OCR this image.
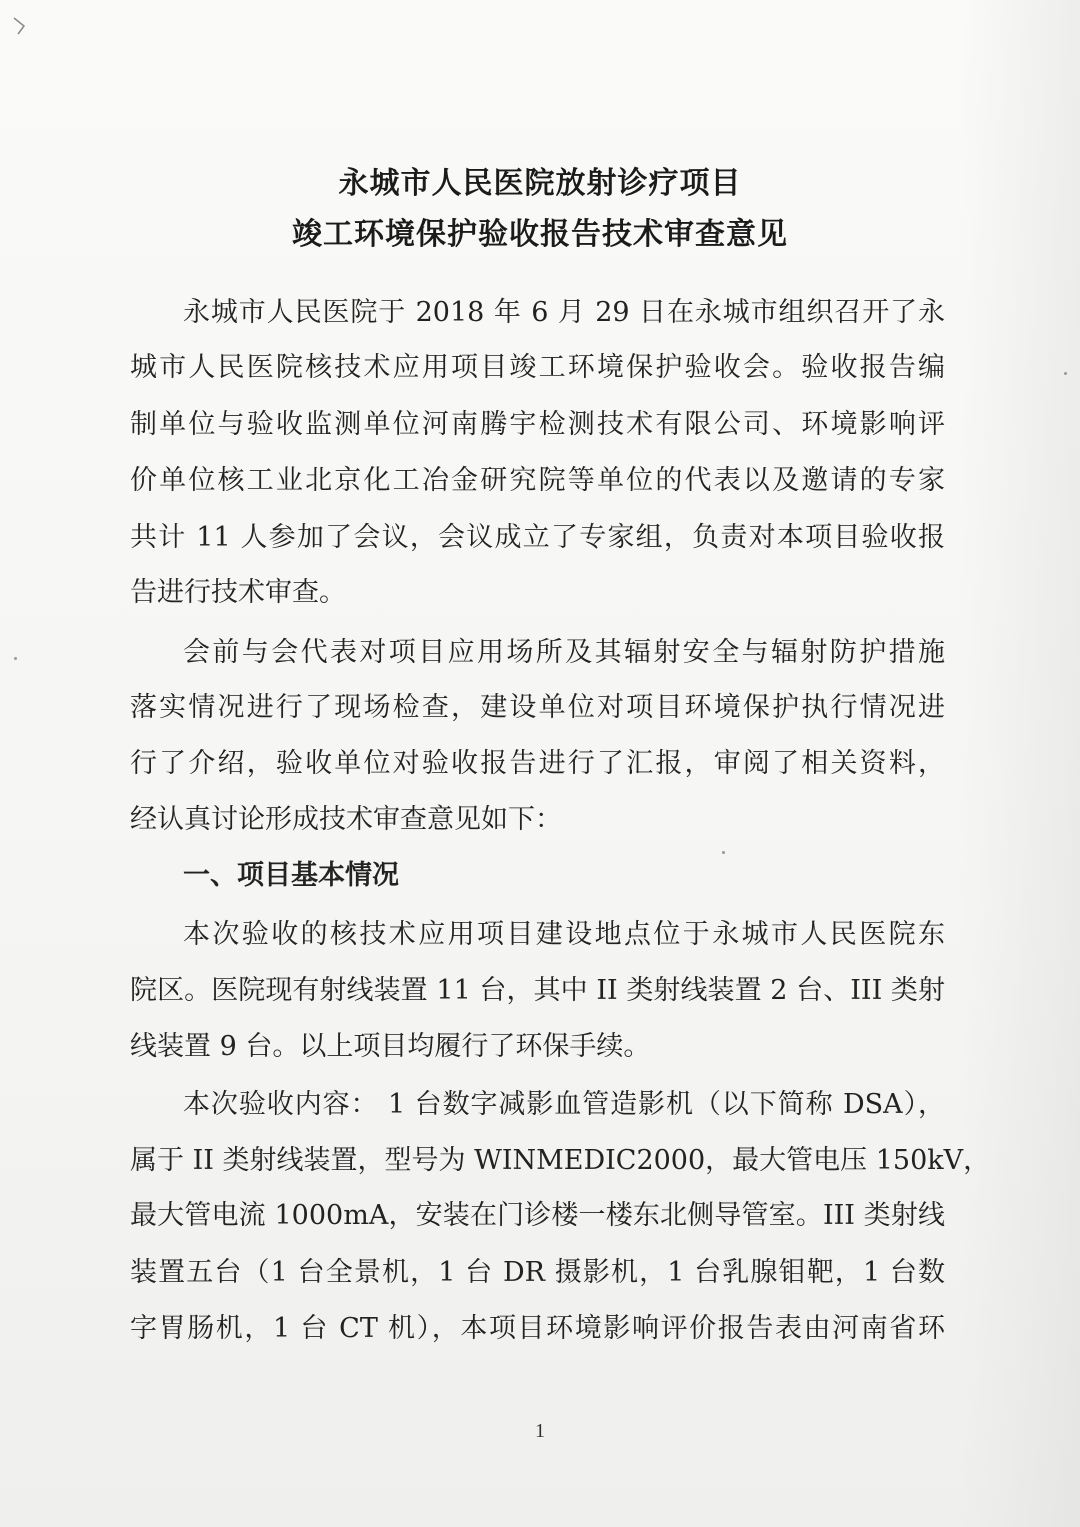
永城市人民医院放射诊疗项目
竣工环境保护验收报告技术审查意见
永城市人民医院于 2018 年 6 月 29 日在永城市组织召开了永
城市人民医院核技术应用项目竣工环境保护验收会。验收报告编
制单位与验收监测单位河南腾宇检测技术有限公司、环境影响评
价单位核工业北京化工冶金研究院等单位的代表以及邀请的专家
共计 11 人参加了会议，会议成立了专家组，负责对本项目验收报
告进行技术审查。
会前与会代表对项目应用场所及其辐射安全与辐射防护措施
落实情况进行了现场检查，建设单位对项目环境保护执行情况进
行了介绍，验收单位对验收报告进行了汇报，审阅了相关资料，
经认真讨论形成技术审查意见如下：
一、项目基本情况
本次验收的核技术应用项目建设地点位于永城市人民医院东
院区。医院现有射线装置 11 台，其中 II 类射线装置 2 台、III 类射
线装置 9 台。以上项目均履行了环保手续。
本次验收内容： 1 台数字减影血管造影机（以下简称 DSA），
属于 II 类射线装置，型号为 WINMEDIC2000，最大管电压 150kV，
最大管电流 1000mA，安装在门诊楼一楼东北侧导管室。III 类射线
装置五台（1 台全景机，1 台 DR 摄影机，1 台乳腺钼靶，1 台数
字胃肠机，1 台 CT 机），本项目环境影响评价报告表由河南省环
1
